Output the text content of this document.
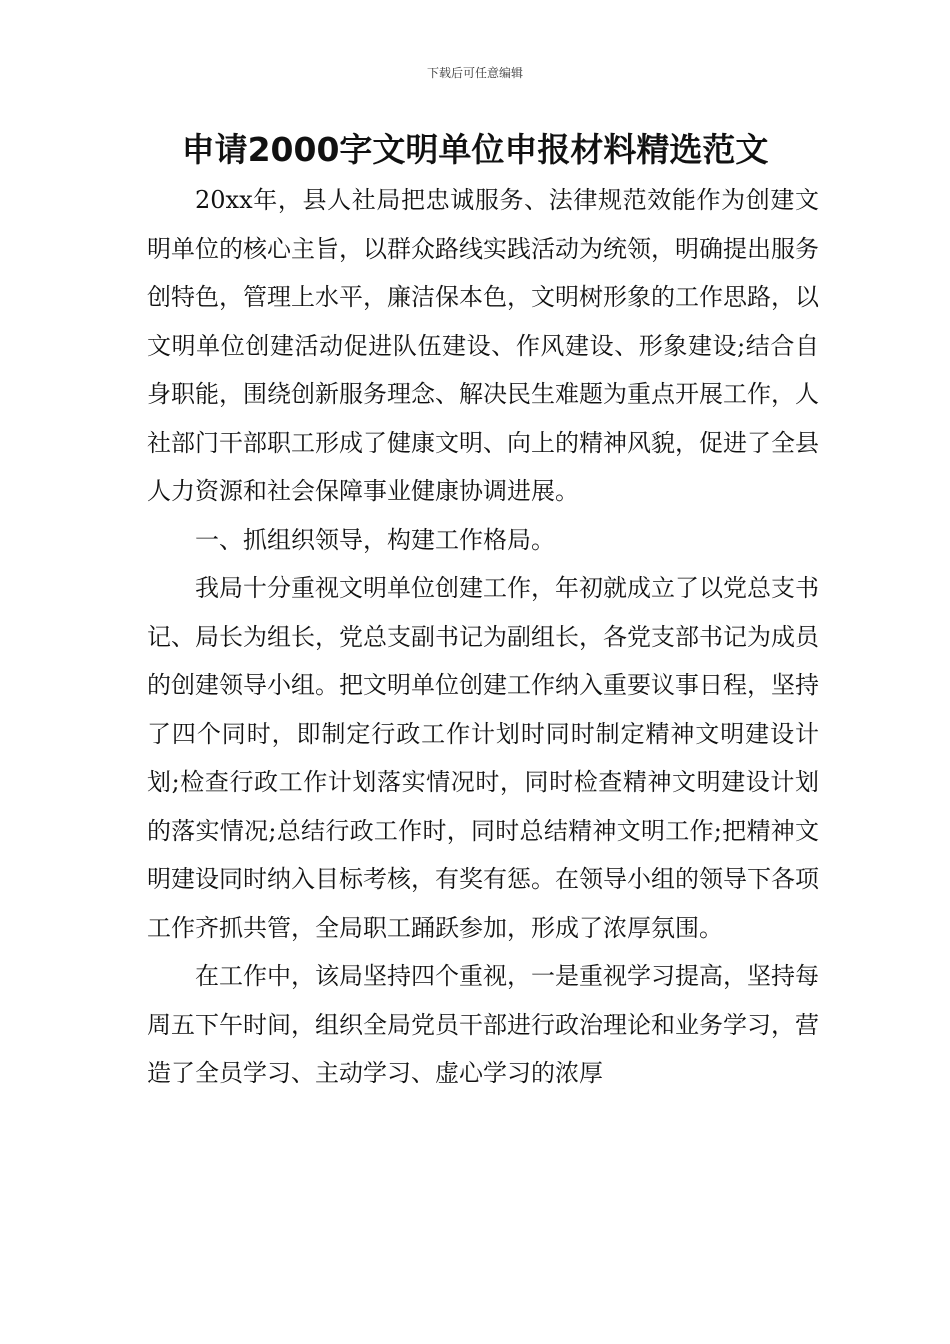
下载后可任意编辑
申请2000字文明单位申报材料精选范文

20xx年，县人社局把忠诚服务、法律规范效能作为创建文明单位的核心主旨，以群众路线实践活动为统领，明确提出服务创特色，管理上水平，廉洁保本色，文明树形象的工作思路，以文明单位创建活动促进队伍建设、作风建设、形象建设;结合自身职能，围绕创新服务理念、解决民生难题为重点开展工作，人社部门干部职工形成了健康文明、向上的精神风貌，促进了全县人力资源和社会保障事业健康协调进展。

一、抓组织领导，构建工作格局。

我局十分重视文明单位创建工作，年初就成立了以党总支书记、局长为组长，党总支副书记为副组长，各党支部书记为成员的创建领导小组。把文明单位创建工作纳入重要议事日程，坚持了四个同时，即制定行政工作计划时同时制定精神文明建设计划;检查行政工作计划落实情况时，同时检查精神文明建设计划的落实情况;总结行政工作时，同时总结精神文明工作;把精神文明建设同时纳入目标考核，有奖有惩。在领导小组的领导下各项工作齐抓共管，全局职工踊跃参加，形成了浓厚氛围。

在工作中，该局坚持四个重视，一是重视学习提高，坚持每周五下午时间，组织全局党员干部进行政治理论和业务学习，营造了全员学习、主动学习、虚心学习的浓厚
